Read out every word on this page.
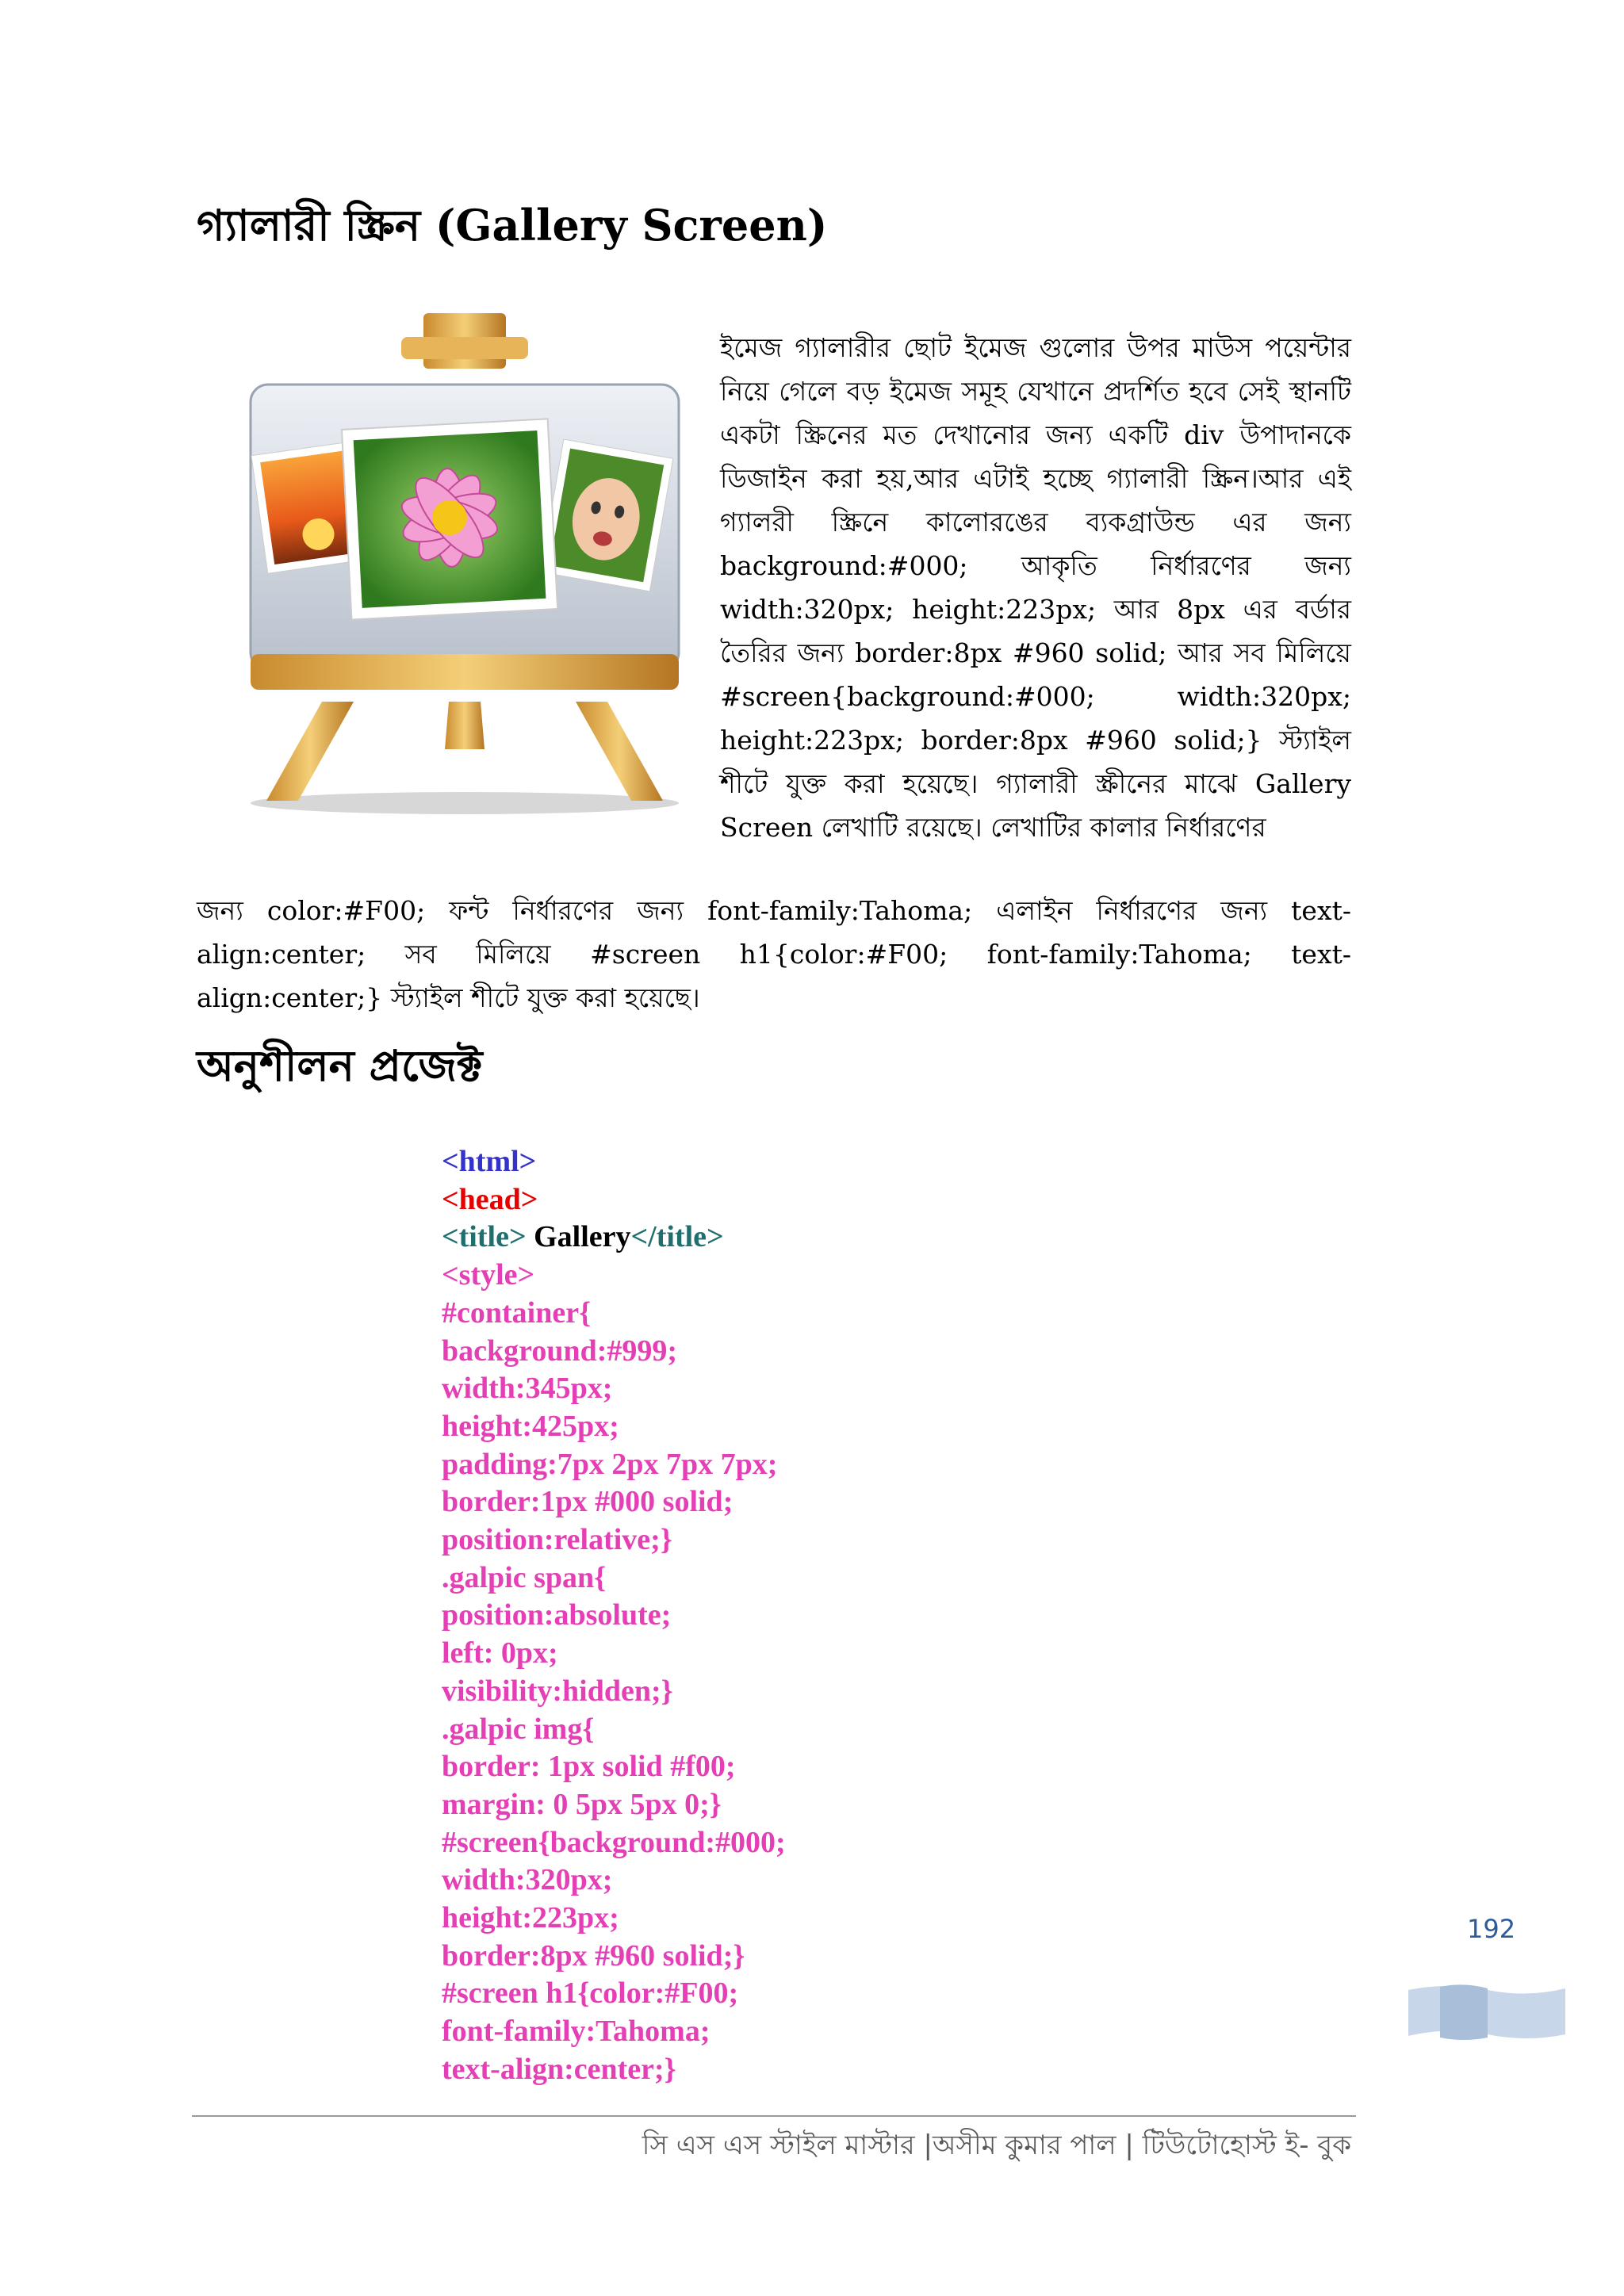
গ্যালারী স্ক্রিন (Gallery Screen)

ইমেজ গ্যালারীর ছোট ইমেজ গুলোর উপর মাউস পয়েন্টার নিয়ে গেলে বড় ইমেজ সমূহ যেখানে প্রদর্শিত হবে সেই স্থানটি একটা স্ক্রিনের মত দেখানোর জন্য একটি div উপাদানকে ডিজাইন করা হয়,আর এটাই হচ্ছে গ্যালারী স্ক্রিন।আর এই গ্যালরী স্ক্রিনে কালোরঙের ব্যকগ্রাউন্ড এর জন্য background:#000; আকৃতি নির্ধারণের জন্য width:320px; height:223px; আর 8px এর বর্ডার তৈরির জন্য border:8px #960 solid; আর সব মিলিয়ে #screen{background:#000; width:320px; height:223px; border:8px #960 solid;} স্ট্যাইল শীটে যুক্ত করা হয়েছে। গ্যালারী স্ক্রীনের মাঝে Gallery Screen লেখাটি রয়েছে। লেখাটির কালার নির্ধারণের

জন্য color:#F00; ফন্ট নির্ধারণের জন্য font-family:Tahoma; এলাইন নির্ধারণের জন্য text-align:center; সব মিলিয়ে #screen h1{color:#F00; font-family:Tahoma; text-align:center;} স্ট্যাইল শীটে যুক্ত করা হয়েছে।

অনুশীলন প্রজেক্ট
<html>
<head>
<title> Gallery</title>
<style>
#container{
background:#999;
width:345px;
height:425px;
padding:7px 2px 7px 7px;
border:1px #000 solid;
position:relative;}
.galpic span{
position:absolute;
left: 0px;
visibility:hidden;}
.galpic img{
border: 1px solid #f00;
margin: 0 5px 5px 0;}
#screen{background:#000;
width:320px;
height:223px;
border:8px #960 solid;}
#screen h1{color:#F00;
font-family:Tahoma;
text-align:center;}
192
সি এস এস স্টাইল মাস্টার |অসীম কুমার পাল | টিউটোহোস্ট ই- বুক
